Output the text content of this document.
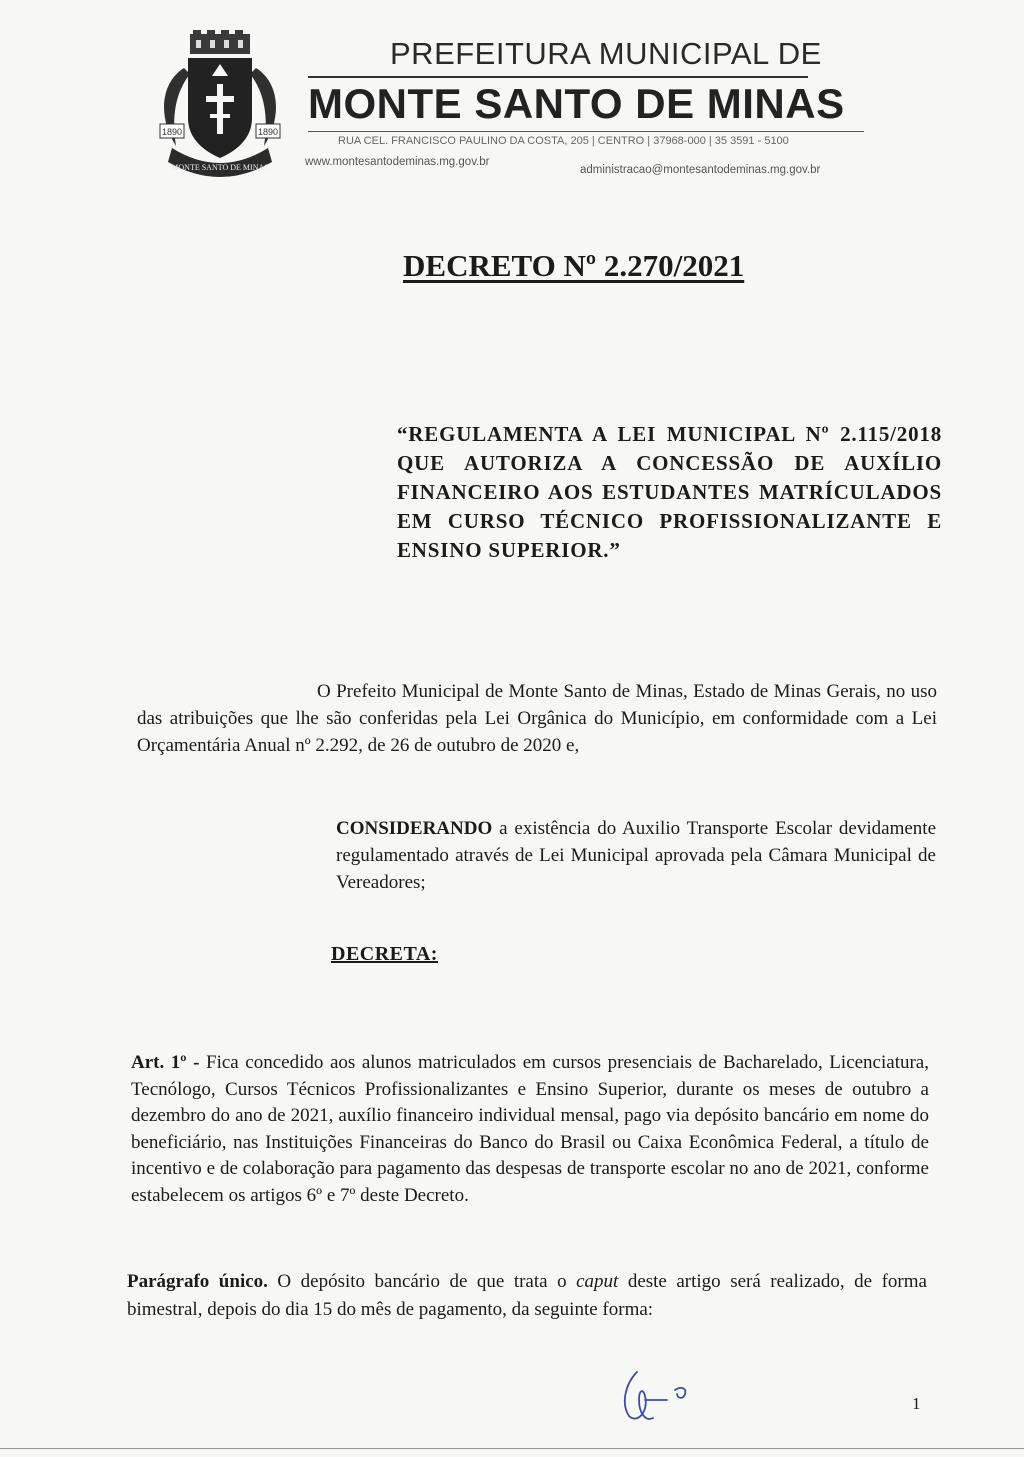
1890	1890
MONTE SANTO DE MINAS
PREFEITURA MUNICIPAL DE
MONTE SANTO DE MINAS
RUA CEL. FRANCISCO PAULINO DA COSTA, 205 | CENTRO | 37968-000 | 35 3591 - 5100
www.montesantodeminas.mg.gov.br
administracao@montesantodeminas.mg.gov.br
DECRETO Nº 2.270/2021
“REGULAMENTA A LEI MUNICIPAL Nº 2.115/2018 QUE AUTORIZA A CONCESSÃO DE AUXÍLIO FINANCEIRO AOS ESTUDANTES MATRÍCULADOS EM CURSO TÉCNICO PROFISSIONALIZANTE E ENSINO SUPERIOR.”
O Prefeito Municipal de Monte Santo de Minas, Estado de Minas Gerais, no uso das atribuições que lhe são conferidas pela Lei Orgânica do Município, em conformidade com a Lei Orçamentária Anual nº 2.292, de 26 de outubro de 2020 e,
CONSIDERANDO a existência do Auxilio Transporte Escolar devidamente regulamentado através de Lei Municipal aprovada pela Câmara Municipal de Vereadores;
DECRETA:
Art. 1º - Fica concedido aos alunos matriculados em cursos presenciais de Bacharelado, Licenciatura, Tecnólogo, Cursos Técnicos Profissionalizantes e Ensino Superior, durante os meses de outubro a dezembro do ano de 2021, auxílio financeiro individual mensal, pago via depósito bancário em nome do beneficiário, nas Instituições Financeiras do Banco do Brasil ou Caixa Econômica Federal, a título de incentivo e de colaboração para pagamento das despesas de transporte escolar no ano de 2021, conforme estabelecem os artigos 6º e 7º deste Decreto.
Parágrafo único. O depósito bancário de que trata o caput deste artigo será realizado, de forma bimestral, depois do dia 15 do mês de pagamento, da seguinte forma:
1
